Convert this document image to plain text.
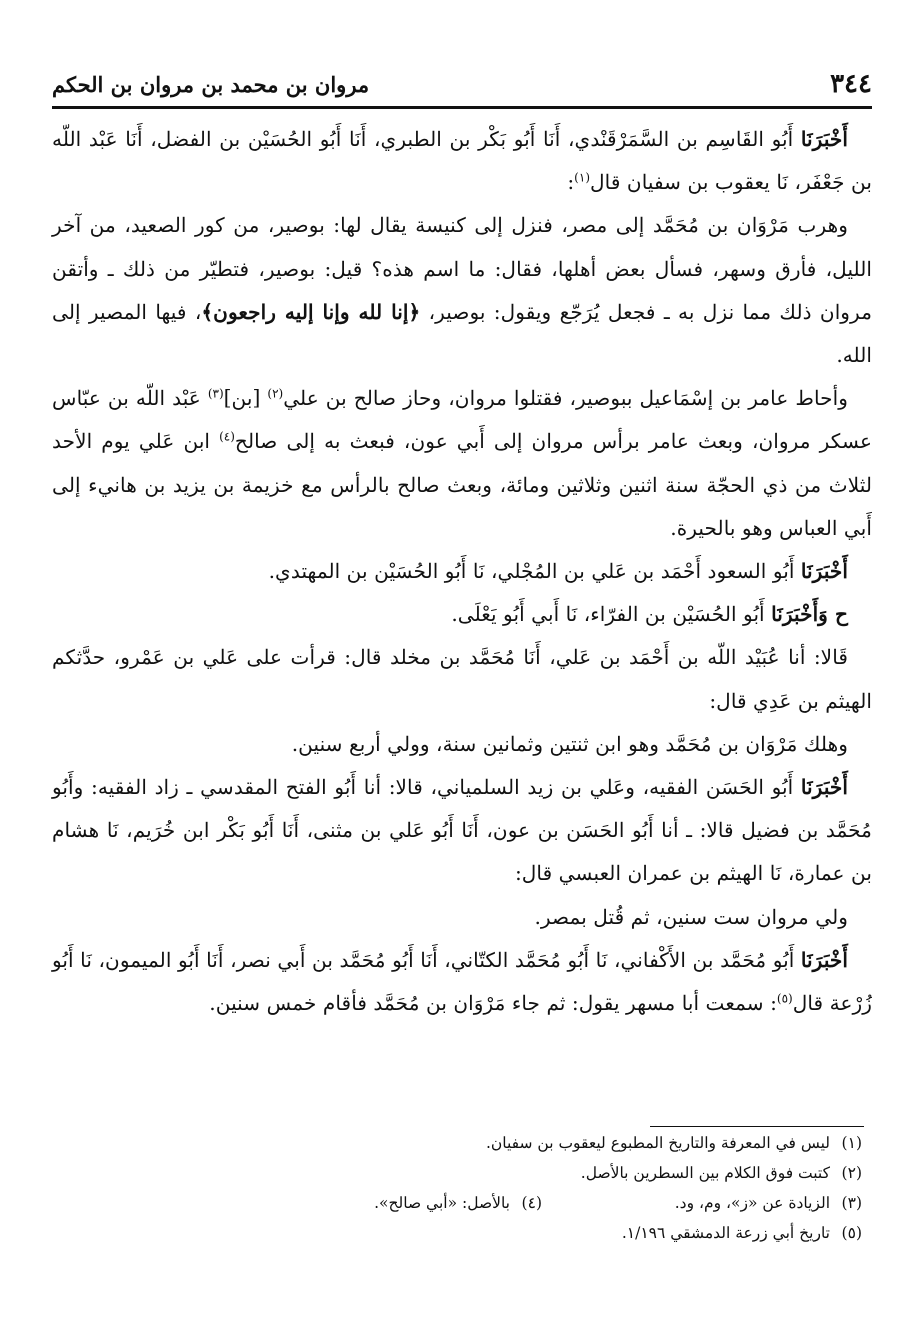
٣٤٤
مروان بن محمد بن مروان بن الحكم

أَخْبَرَنَا أَبُو القَاسِم بن السَّمَرْقَنْدي، أَنَا أَبُو بَكْر بن الطبري، أَنَا أَبُو الحُسَيْن بن الفضل، أَنَا عَبْد اللّه بن جَعْفَر، نَا يعقوب بن سفيان قال$^{(١)}$:

وهرب مَرْوَان بن مُحَمَّد إلى مصر، فنزل إلى كنيسة يقال لها: بوصير، من كور الصعيد، من آخر الليل، فأرق وسهر، فسأل بعض أهلها، فقال: ما اسم هذه؟ قيل: بوصير، فتطيّر من ذلك ـ وأتقن مروان ذلك مما نزل به ـ فجعل يُرَجّع ويقول: بوصير، ﴿إنا لله وإنا إليه راجعون﴾، فيها المصير إلى الله.

وأحاط عامر بن إسْمَاعيل ببوصير، فقتلوا مروان، وحاز صالح بن علي$^{(٢)}$ [بن]$^{(٣)}$ عَبْد اللّه بن عبّاس عسكر مروان، وبعث عامر برأس مروان إلى أَبي عون، فبعث به إلى صالح$^{(٤)}$ ابن عَلي يوم الأحد لثلاث من ذي الحجّة سنة اثنين وثلاثين ومائة، وبعث صالح بالرأس مع خزيمة بن يزيد بن هانيء إلى أَبي العباس وهو بالحيرة.

أَخْبَرَنَا أَبُو السعود أَحْمَد بن عَلي بن المُجْلي، نَا أَبُو الحُسَيْن بن المهتدي.

ح وَأَخْبَرَنَا أَبُو الحُسَيْن بن الفرّاء، نَا أَبي أَبُو يَعْلَى.

قَالا: أنا عُبَيْد اللّه بن أَحْمَد بن عَلي، أَنَا مُحَمَّد بن مخلد قال: قرأت على عَلي بن عَمْرو، حدَّثكم الهيثم بن عَدِي قال:

وهلك مَرْوَان بن مُحَمَّد وهو ابن ثنتين وثمانين سنة، وولي أربع سنين.

أَخْبَرَنَا أَبُو الحَسَن الفقيه، وعَلي بن زيد السلمياني، قالا: أنا أَبُو الفتح المقدسي ـ زاد الفقيه: وأَبُو مُحَمَّد بن فضيل قالا: ـ أنا أَبُو الحَسَن بن عون، أَنَا أَبُو عَلي بن مثنى، أَنَا أَبُو بَكْر ابن خُرَيم، نَا هشام بن عمارة، نَا الهيثم بن عمران العبسي قال:

ولي مروان ست سنين، ثم قُتل بمصر.

أَخْبَرَنَا أَبُو مُحَمَّد بن الأَكْفاني، نَا أَبُو مُحَمَّد الكتّاني، أَنَا أَبُو مُحَمَّد بن أَبي نصر، أَنَا أَبُو الميمون، نَا أَبُو زُرْعة قال$^{(٥)}$: سمعت أبا مسهر يقول: ثم جاء مَرْوَان بن مُحَمَّد فأقام خمس سنين.

(١)
ليس في المعرفة والتاريخ المطبوع ليعقوب بن سفيان.
(٢)
كتبت فوق الكلام بين السطرين بالأصل.
(٣)
الزيادة عن «ز»، وم، ود.
(٤)
بالأصل: «أبي صالح».
(٥)
تاريخ أبي زرعة الدمشقي ١/١٩٦.
